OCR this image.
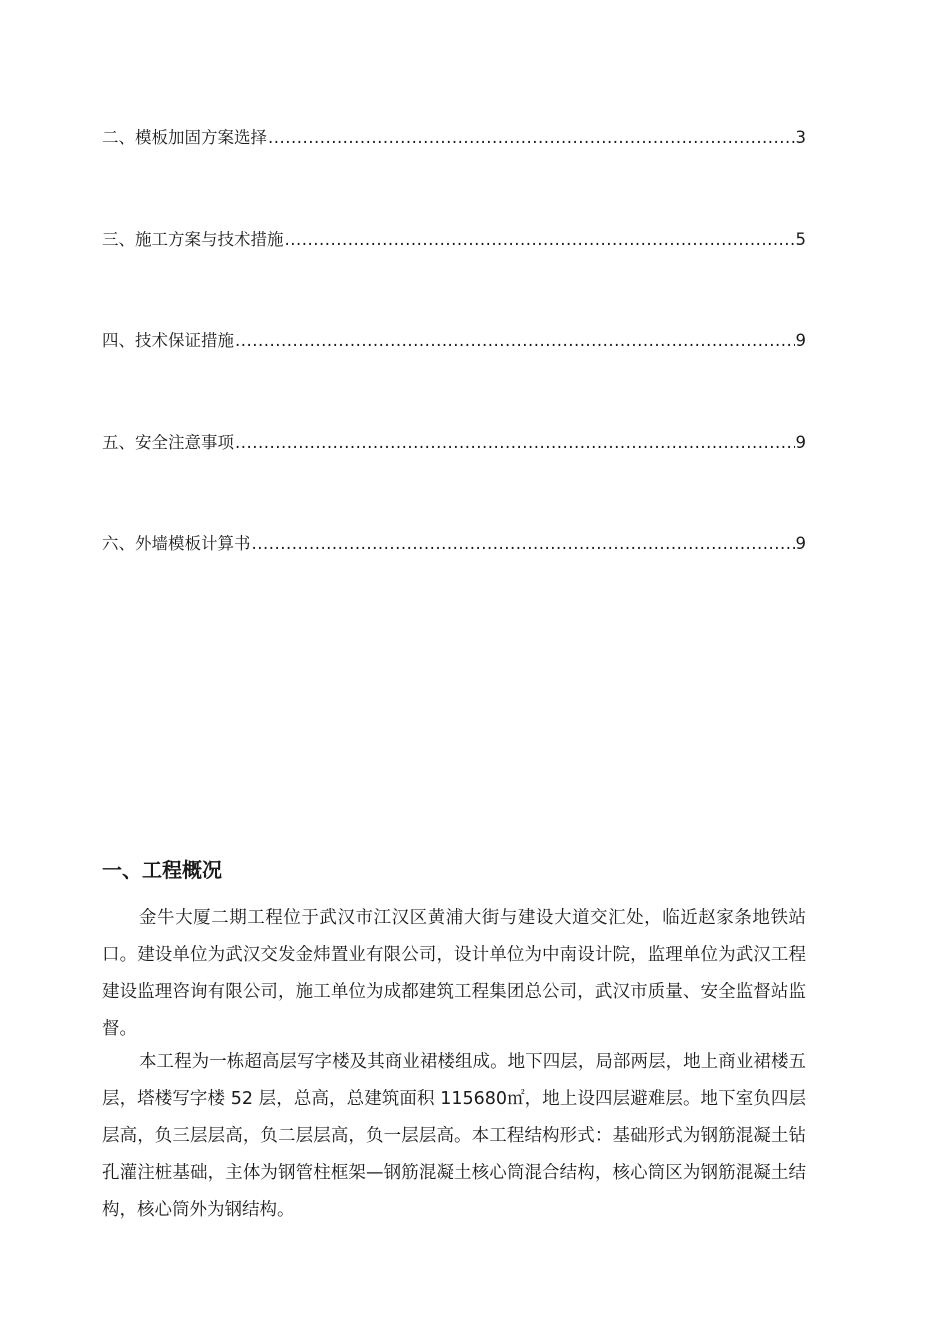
二、模板加固方案选择 .....	3
三、施工方案与技术措施 .....	5
四、技术保证措施 .....	9
五、安全注意事项 .....	9
六、外墙模板计算书 .....	9
一、工程概况

金牛大厦二期工程位于武汉市江汉区黄浦大街与建设大道交汇处，临近赵家条地铁站口。建设单位为武汉交发金炜置业有限公司，设计单位为中南设计院，监理单位为武汉工程建设监理咨询有限公司，施工单位为成都建筑工程集团总公司，武汉市质量、安全监督站监督。

本工程为一栋超高层写字楼及其商业裙楼组成。地下四层，局部两层，地上商业裙楼五层，塔楼写字楼 52 层，总高，总建筑面积 115680㎡，地上设四层避难层。地下室负四层层高，负三层层高，负二层层高，负一层层高。本工程结构形式：基础形式为钢筋混凝土钻孔灌注桩基础，主体为钢管柱框架—钢筋混凝土核心筒混合结构，核心筒区为钢筋混凝土结构，核心筒外为钢结构。
